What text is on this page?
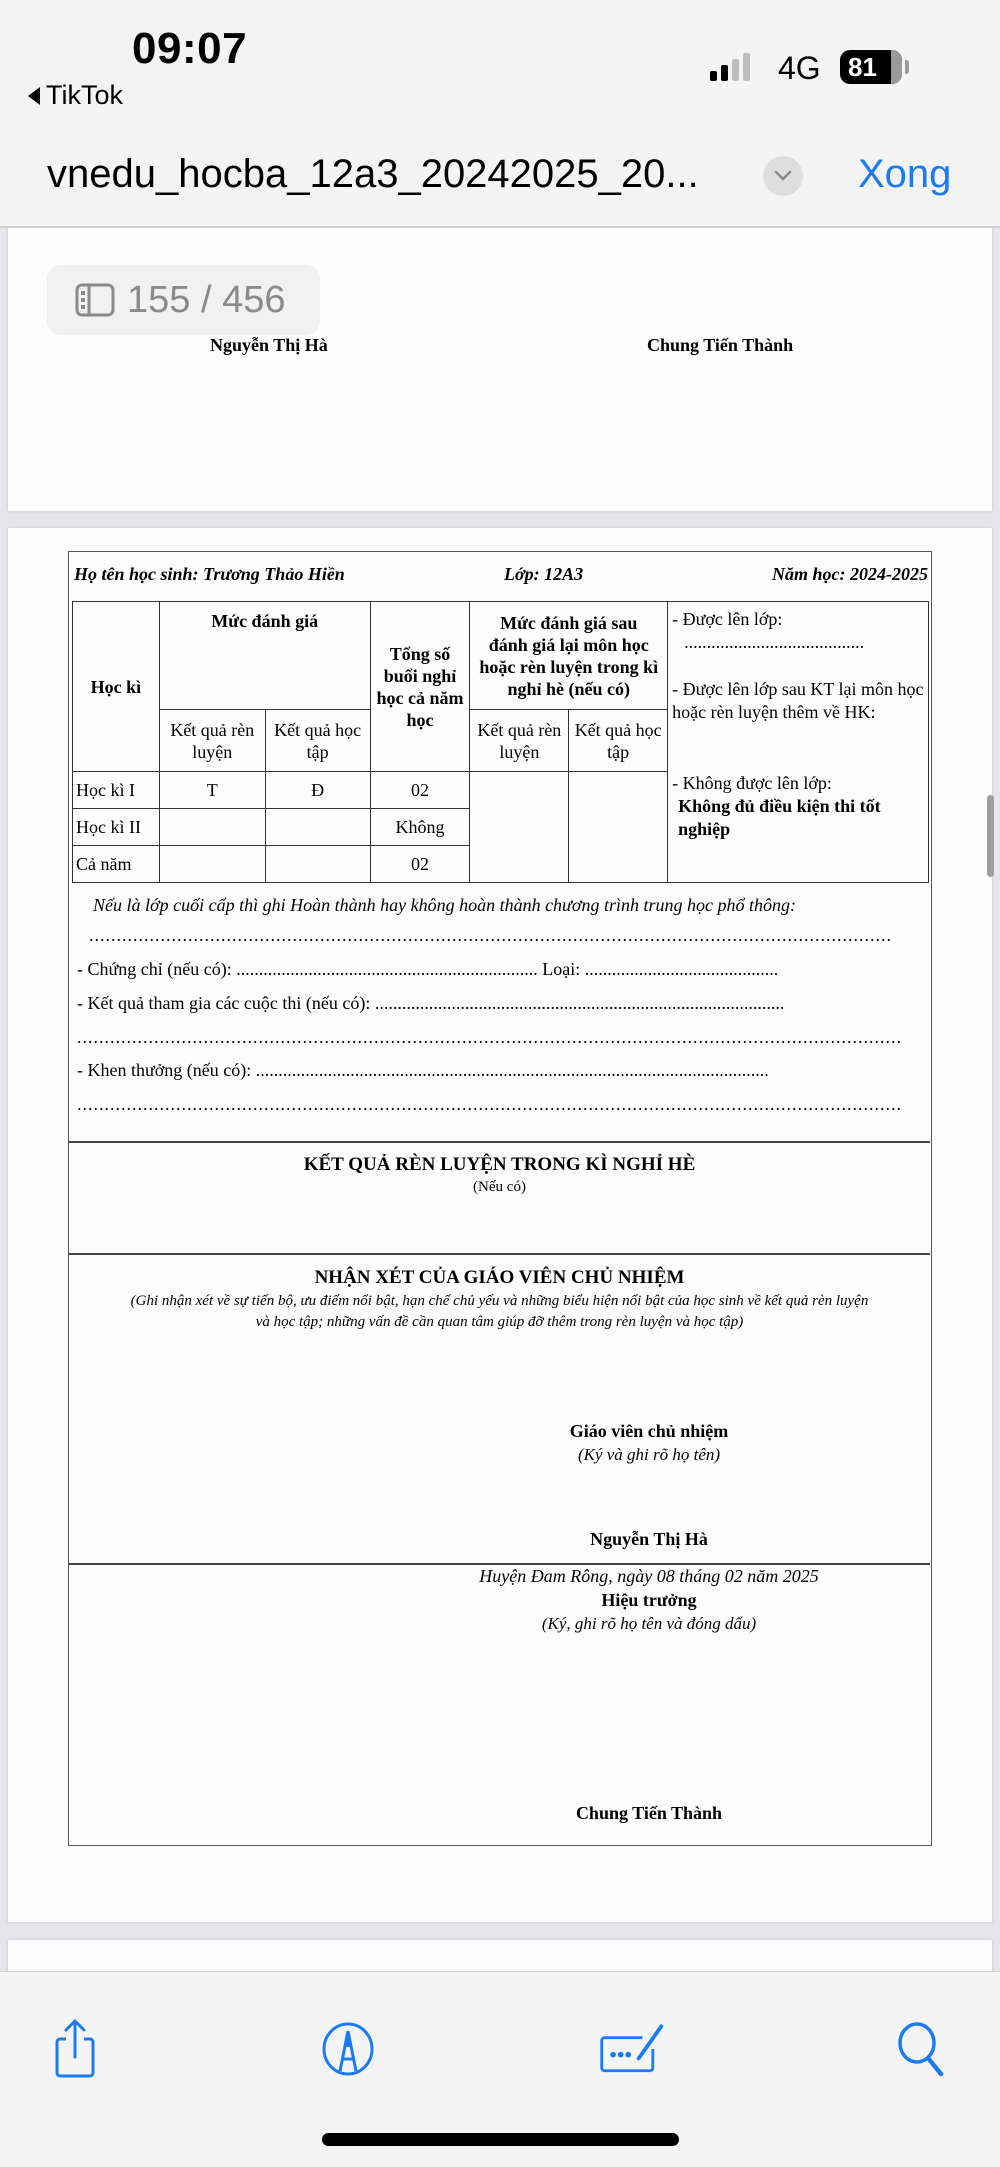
09:07
TikTok
4G 81
vnedu_hocba_12a3_20242025_20...	Xong
155 / 456
Nguyễn Thị Hà	Chung Tiến Thành
Họ tên học sinh: Trương Thảo Hiền	Lớp: 12A3	Năm học: 2024-2025
Học kì	Mức đánh giá		Tổng số buổi nghỉ học cả năm học	Mức đánh giá sau đánh giá lại môn học hoặc rèn luyện trong kì nghỉ hè (nếu có)		- Được lên lớp:
........................................
- Được lên lớp sau KT lại môn học hoặc rèn luyện thêm về HK:
- Không được lên lớp:
Không đủ điều kiện thi tốt nghiệp

	Kết quả rèn luyện	Kết quả học tập		Kết quả rèn luyện	Kết quả học tập	
Học kì I	T	Đ	02			
Học kì II			Không			
Cả năm			02			
Nếu là lớp cuối cấp thì ghi Hoàn thành hay không hoàn thành chương trình trung học phổ thông:
..................................................................................................................................................
- Chứng chỉ (nếu có): ................................................................... Loại: ...........................................
- Kết quả tham gia các cuộc thi (nếu có): ...........................................................................................
......................................................................................................................................................
- Khen thưởng (nếu có): ..................................................................................................................
......................................................................................................................................................
KẾT QUẢ RÈN LUYỆN TRONG KÌ NGHỈ HÈ
(Nếu có)
NHẬN XÉT CỦA GIÁO VIÊN CHỦ NHIỆM
(Ghi nhận xét về sự tiến bộ, ưu điểm nổi bật, hạn chế chủ yếu và những biểu hiện nổi bật của học sinh về kết quả rèn luyện
và học tập; những vấn đề cần quan tâm giúp đỡ thêm trong rèn luyện và học tập)
Giáo viên chủ nhiệm
(Ký và ghi rõ họ tên)
Nguyễn Thị Hà
Huyện Đam Rông, ngày 08 tháng 02 năm 2025
Hiệu trưởng
(Ký, ghi rõ họ tên và đóng dấu)
Chung Tiến Thành
